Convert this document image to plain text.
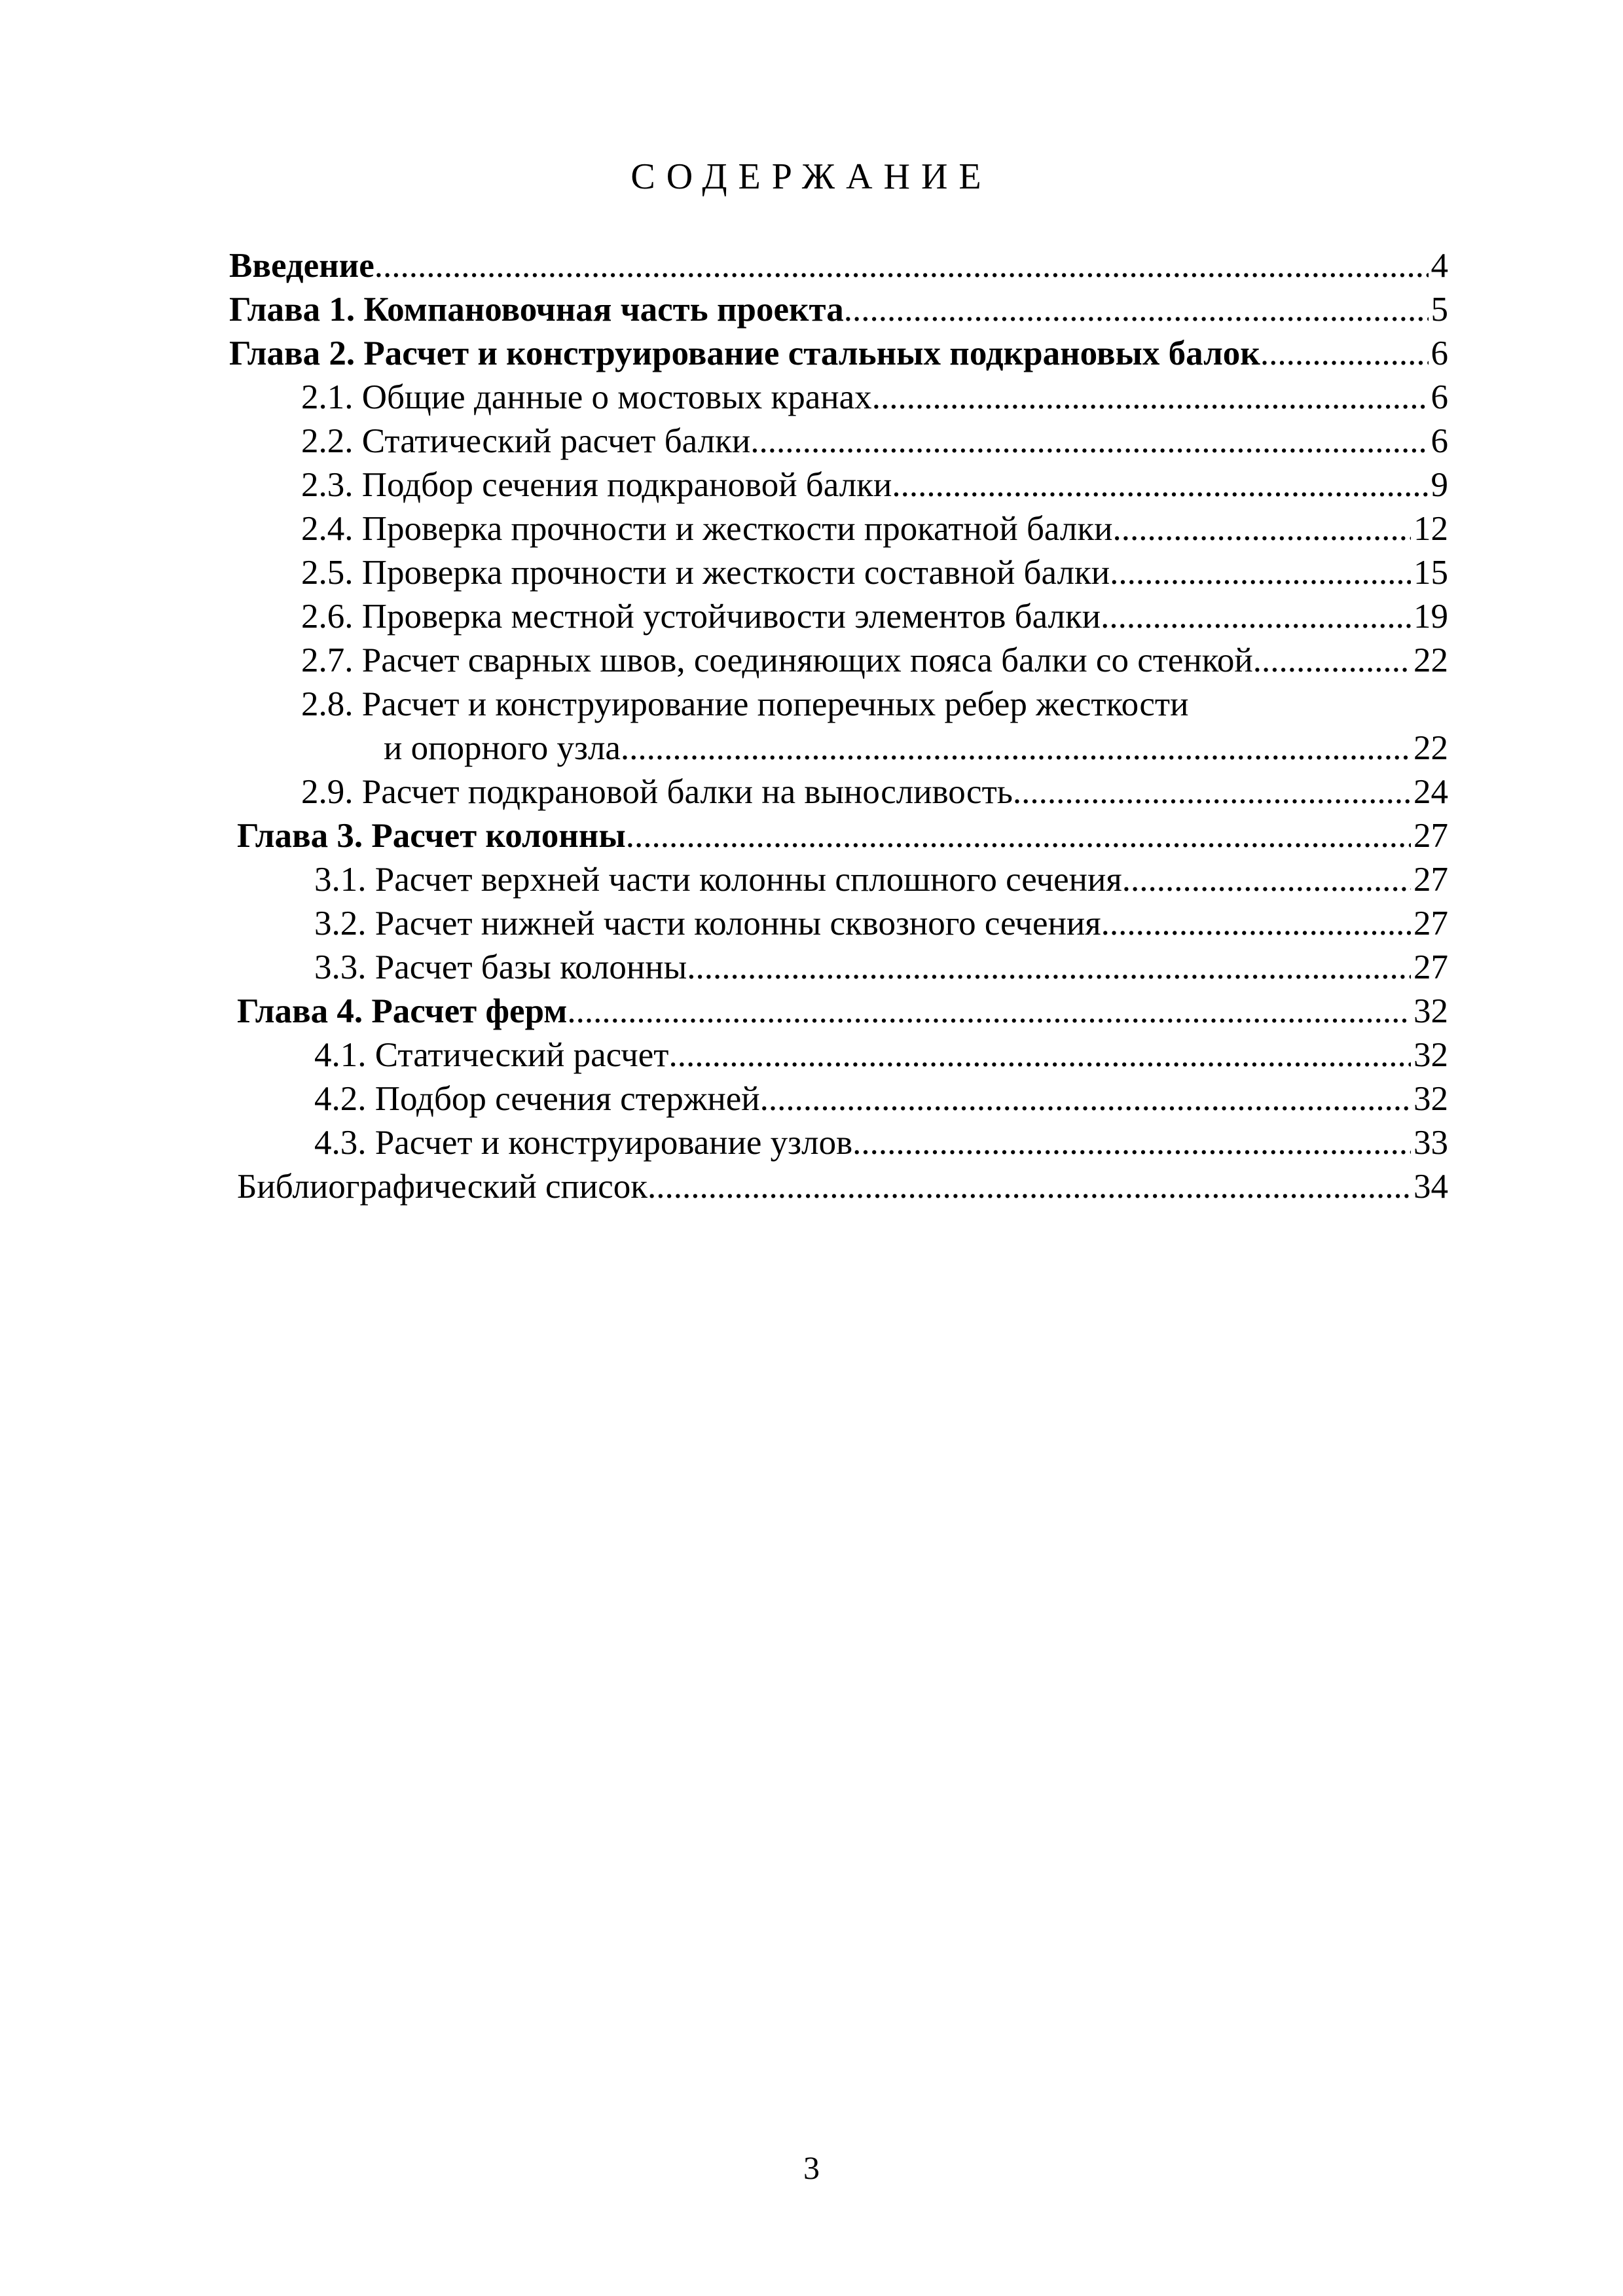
СОДЕРЖАНИЕ
Введение .....	4
Глава 1. Компановочная часть проекта .....	5
Глава 2. Расчет и конструирование стальных подкрановых балок .....	6
2.1. Общие данные о мостовых кранах .....	6
2.2. Статический расчет балки .....	6
2.3. Подбор сечения подкрановой балки .....	9
2.4. Проверка прочности и жесткости прокатной балки .....	12
2.5. Проверка прочности и жесткости составной балки .....	15
2.6. Проверка местной устойчивости элементов балки .....	19
2.7. Расчет сварных швов, соединяющих пояса балки со стенкой .....	22
2.8. Расчет и конструирование поперечных ребер жесткости
и опорного узла .....	22
2.9. Расчет подкрановой балки на выносливость .....	24
Глава 3. Расчет колонны .....	27
3.1. Расчет верхней части колонны сплошного сечения .....	27
3.2. Расчет нижней части колонны сквозного сечения .....	27
3.3. Расчет базы колонны .....	27
Глава 4. Расчет ферм .....	32
4.1. Статический расчет .....	32
4.2. Подбор сечения стержней .....	32
4.3. Расчет и конструирование узлов .....	33
Библиографический список .....	34
3
